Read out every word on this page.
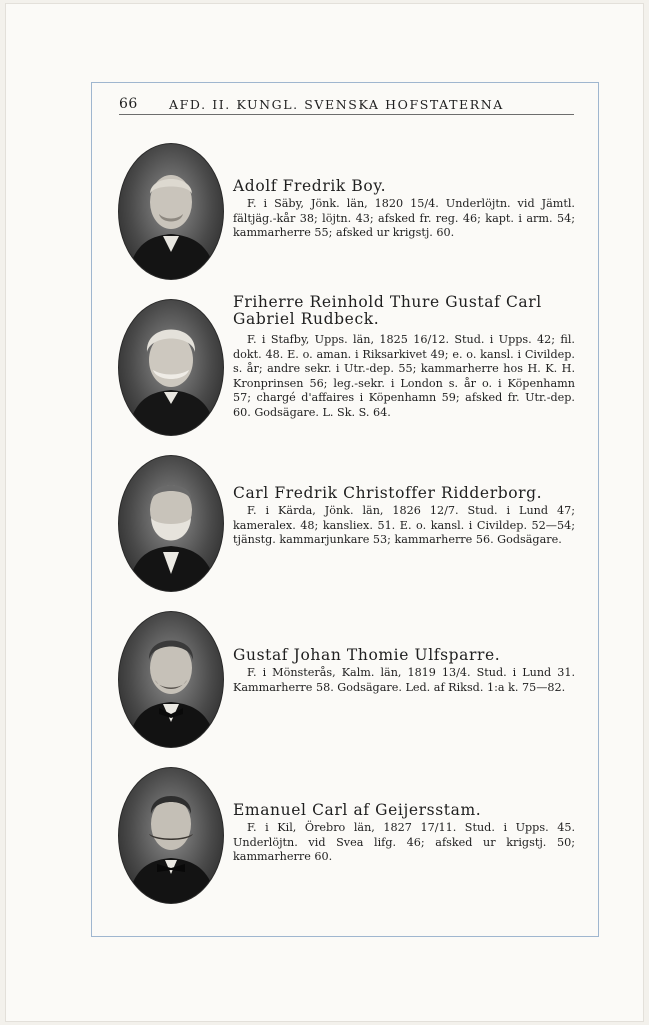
66 AFD. II. KUNGL. SVENSKA HOFSTATERNA
Adolf Fredrik Boy.
F. i Säby, Jönk. län, 1820 15/4. Underlöjtn. vid Jämtl. fältjäg.-kår 38; löjtn. 43; afsked fr. reg. 46; kapt. i arm. 54; kammarherre 55; afsked ur krigstj. 60.
Friherre Reinhold Thure Gustaf Carl Gabriel Rudbeck.
F. i Stafby, Upps. län, 1825 16/12. Stud. i Upps. 42; fil. dokt. 48. E. o. aman. i Riksarkivet 49; e. o. kansl. i Civildep. s. år; andre sekr. i Utr.-dep. 55; kammarherre hos H. K. H. Kronprinsen 56; leg.-sekr. i London s. år o. i Köpenhamn 57; chargé d'affaires i Köpenhamn 59; afsked fr. Utr.-dep. 60. Godsägare. L. Sk. S. 64.
Carl Fredrik Christoffer Ridderborg.
F. i Kärda, Jönk. län, 1826 12/7. Stud. i Lund 47; kameralex. 48; kansliex. 51. E. o. kansl. i Civildep. 52—54; tjänstg. kammarjunkare 53; kammarherre 56. Godsägare.
Gustaf Johan Thomie Ulfsparre.
F. i Mönsterås, Kalm. län, 1819 13/4. Stud. i Lund 31. Kammarherre 58. Godsägare. Led. af Riksd. 1:a k. 75—82.
Emanuel Carl af Geijersstam.
F. i Kil, Örebro län, 1827 17/11. Stud. i Upps. 45. Underlöjtn. vid Svea lifg. 46; afsked ur krigstj. 50; kammarherre 60.
